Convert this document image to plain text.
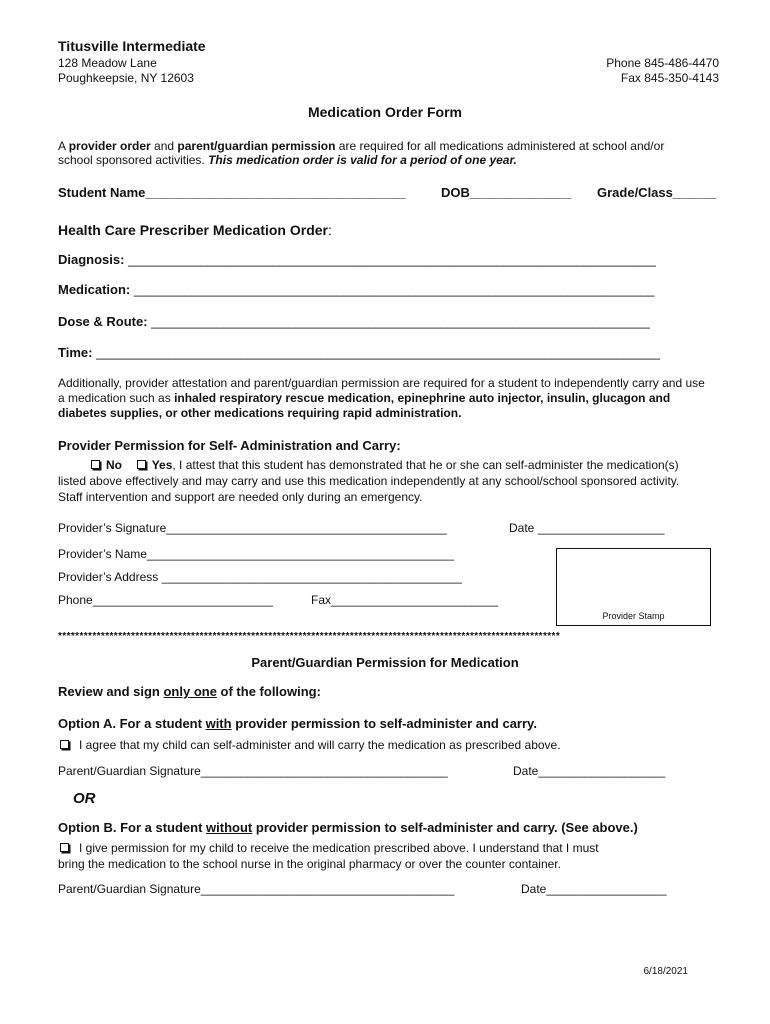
Titusville Intermediate
128 Meadow Lane
Poughkeepsie, NY 12603
Phone 845-486-4470
Fax 845-350-4143
Medication Order Form
A provider order and parent/guardian permission are required for all medications administered at school and/or
school sponsored activities. This medication order is valid for a period of one year.
Student Name____________________________________	DOB______________ Grade/Class______
Health Care Prescriber Medication Order:
Diagnosis: _________________________________________________________________________
Medication: ________________________________________________________________________
Dose & Route: _____________________________________________________________________
Time: ______________________________________________________________________________
Additionally, provider attestation and parent/guardian permission are required for a student to independently carry and use
a medication such as inhaled respiratory rescue medication, epinephrine auto injector, insulin, glucagon and
diabetes supplies, or other medications requiring rapid administration.
Provider Permission for Self- Administration and Carry:
No Yes, I attest that this student has demonstrated that he or she can self-administer the medication(s)
listed above effectively and may carry and use this medication independently at any school/school sponsored activity.
Staff intervention and support are needed only during an emergency.
Provider’s Signature__________________________________________	Date ___________________
Provider’s Name______________________________________________
Provider’s Address _____________________________________________
Phone___________________________	Fax_________________________
Provider Stamp
*********************************************************************************************************************
Parent/Guardian Permission for Medication
Review and sign only one of the following:
Option A. For a student with provider permission to self-administer and carry.
I agree that my child can self-administer and will carry the medication as prescribed above.
Parent/Guardian Signature_____________________________________	Date___________________
OR
Option B. For a student without provider permission to self-administer and carry. (See above.)
I give permission for my child to receive the medication prescribed above. I understand that I must
bring the medication to the school nurse in the original pharmacy or over the counter container.
Parent/Guardian Signature______________________________________	Date__________________
6/18/2021
